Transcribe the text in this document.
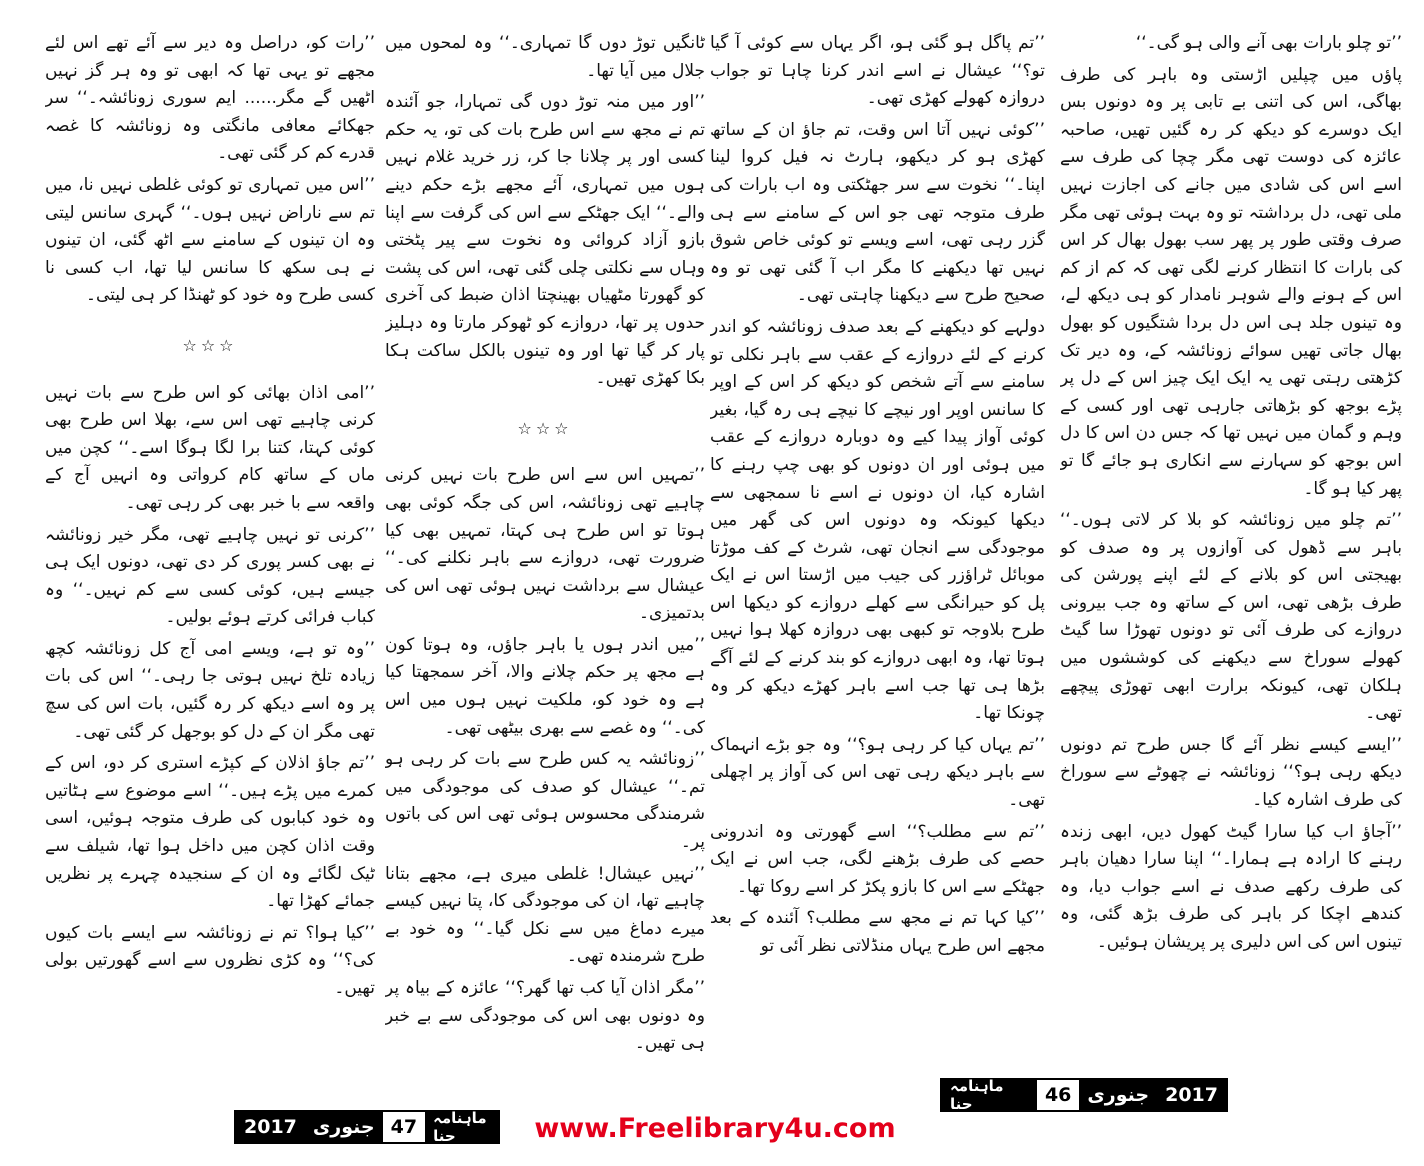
’’تو چلو بارات بھی آنے والی ہو گی۔‘‘

پاؤں میں چپلیں اڑستی وہ باہر کی طرف بھاگی، اس کی اتنی بے تابی پر وہ دونوں بس ایک دوسرے کو دیکھ کر رہ گئیں تھیں، صاحبہ عائزہ کی دوست تھی مگر چچا کی طرف سے اسے اس کی شادی میں جانے کی اجازت نہیں ملی تھی، دل برداشتہ تو وہ بہت ہوئی تھی مگر صرف وقتی طور پر پھر سب بھول بھال کر اس کی بارات کا انتظار کرنے لگی تھی کہ کم از کم اس کے ہونے والے شوہر نامدار کو ہی دیکھ لے، وہ تینوں جلد ہی اس دل بردا شتگیوں کو بھول بھال جاتی تھیں سوائے زونائشہ کے، وہ دیر تک کڑھتی رہتی تھی یہ ایک ایک چیز اس کے دل پر پڑے بوجھ کو بڑھاتی جارہی تھی اور کسی کے وہم و گمان میں نہیں تھا کہ جس دن اس کا دل اس بوجھ کو سہارنے سے انکاری ہو جائے گا تو پھر کیا ہو گا۔

’’تم چلو میں زونائشہ کو بلا کر لاتی ہوں۔‘‘ باہر سے ڈھول کی آوازوں پر وہ صدف کو بھیجتی اس کو بلانے کے لئے اپنے پورشن کی طرف بڑھی تھی، اس کے ساتھ وہ جب بیرونی دروازے کی طرف آئی تو دونوں تھوڑا سا گیٹ کھولے سوراخ سے دیکھنے کی کوششوں میں ہلکان تھی، کیونکہ برارت ابھی تھوڑی پیچھے تھی۔

’’ایسے کیسے نظر آئے گا جس طرح تم دونوں دیکھ رہی ہو؟‘‘ زونائشہ نے چھوٹے سے سوراخ کی طرف اشارہ کیا۔

’’آجاؤ اب کیا سارا گیٹ کھول دیں، ابھی زندہ رہنے کا ارادہ ہے ہمارا۔‘‘ اپنا سارا دھیان باہر کی طرف رکھے صدف نے اسے جواب دیا، وہ کندھے اچکا کر باہر کی طرف بڑھ گئی، وہ تینوں اس کی اس دلیری پر پریشان ہوئیں۔

’’تم پاگل ہو گئی ہو، اگر یہاں سے کوئی آ گیا تو؟‘‘ عیشال نے اسے اندر کرنا چاہا تو جواب دروازہ کھولے کھڑی تھی۔

’’کوئی نہیں آتا اس وقت، تم جاؤ ان کے ساتھ کھڑی ہو کر دیکھو، ہارٹ نہ فیل کروا لینا اپنا۔‘‘ نخوت سے سر جھٹکتی وہ اب بارات کی طرف متوجہ تھی جو اس کے سامنے سے ہی گزر رہی تھی، اسے ویسے تو کوئی خاص شوق نہیں تھا دیکھنے کا مگر اب آ گئی تھی تو وہ صحیح طرح سے دیکھنا چاہتی تھی۔

دولہے کو دیکھنے کے بعد صدف زونائشہ کو اندر کرنے کے لئے دروازے کے عقب سے باہر نکلی تو سامنے سے آتے شخص کو دیکھ کر اس کے اوپر کا سانس اوپر اور نیچے کا نیچے ہی رہ گیا، بغیر کوئی آواز پیدا کیے وہ دوبارہ دروازے کے عقب میں ہوئی اور ان دونوں کو بھی چپ رہنے کا اشارہ کیا، ان دونوں نے اسے نا سمجھی سے دیکھا کیونکہ وہ دونوں اس کی گھر میں موجودگی سے انجان تھی، شرٹ کے کف موڑتا موبائل ٹراؤزر کی جیب میں اڑستا اس نے ایک پل کو حیرانگی سے کھلے دروازے کو دیکھا اس طرح بلاوجہ تو کبھی بھی دروازہ کھلا ہوا نہیں ہوتا تھا، وہ ابھی دروازے کو بند کرنے کے لئے آگے بڑھا ہی تھا جب اسے باہر کھڑے دیکھ کر وہ چونکا تھا۔

’’تم یہاں کیا کر رہی ہو؟‘‘ وہ جو بڑے انہماک سے باہر دیکھ رہی تھی اس کی آواز پر اچھلی تھی۔

’’تم سے مطلب؟‘‘ اسے گھورتی وہ اندرونی حصے کی طرف بڑھنے لگی، جب اس نے ایک جھٹکے سے اس کا بازو پکڑ کر اسے روکا تھا۔

’’کیا کہا تم نے مجھ سے مطلب؟ آئندہ کے بعد مجھے اس طرح یہاں منڈلاتی نظر آئی تو

ٹانگیں توڑ دوں گا تمہاری۔‘‘ وہ لمحوں میں جلال میں آیا تھا۔

’’اور میں منہ توڑ دوں گی تمہارا، جو آئندہ تم نے مجھ سے اس طرح بات کی تو، یہ حکم کسی اور پر چلانا جا کر، زر خرید غلام نہیں ہوں میں تمہاری، آئے مجھے بڑے حکم دینے والے۔‘‘ ایک جھٹکے سے اس کی گرفت سے اپنا بازو آزاد کروائی وہ نخوت سے پیر پٹختی وہاں سے نکلتی چلی گئی تھی، اس کی پشت کو گھورتا مٹھیاں بھینچتا اذان ضبط کی آخری حدوں پر تھا، دروازے کو ٹھوکر مارتا وہ دہلیز پار کر گیا تھا اور وہ تینوں بالکل ساکت ہکا بکا کھڑی تھیں۔

☆☆☆

’’تمہیں اس سے اس طرح بات نہیں کرنی چاہیے تھی زونائشہ، اس کی جگہ کوئی بھی ہوتا تو اس طرح ہی کہتا، تمہیں بھی کیا ضرورت تھی، دروازے سے باہر نکلنے کی۔‘‘ عیشال سے برداشت نہیں ہوئی تھی اس کی بدتمیزی۔

’’میں اندر ہوں یا باہر جاؤں، وہ ہوتا کون ہے مجھ پر حکم چلانے والا، آخر سمجھتا کیا ہے وہ خود کو، ملکیت نہیں ہوں میں اس کی۔‘‘ وہ غصے سے بھری بیٹھی تھی۔

’’زونائشہ یہ کس طرح سے بات کر رہی ہو تم۔‘‘ عیشال کو صدف کی موجودگی میں شرمندگی محسوس ہوئی تھی اس کی باتوں پر۔

’’نہیں عیشال! غلطی میری ہے، مجھے بتانا چاہیے تھا، ان کی موجودگی کا، پتا نہیں کیسے میرے دماغ میں سے نکل گیا۔‘‘ وہ خود بے طرح شرمندہ تھی۔

’’مگر اذان آیا کب تھا گھر؟‘‘ عائزہ کے بیاہ پر وہ دونوں بھی اس کی موجودگی سے بے خبر ہی تھیں۔

’’رات کو، دراصل وہ دیر سے آئے تھے اس لئے مجھے تو یہی تھا کہ ابھی تو وہ ہر گز نہیں اٹھیں گے مگر...... ایم سوری زونائشہ۔‘‘ سر جھکائے معافی مانگتی وہ زونائشہ کا غصہ قدرے کم کر گئی تھی۔

’’اس میں تمہاری تو کوئی غلطی نہیں نا، میں تم سے ناراض نہیں ہوں۔‘‘ گہری سانس لیتی وہ ان تینوں کے سامنے سے اٹھ گئی، ان تینوں نے ہی سکھ کا سانس لیا تھا، اب کسی نا کسی طرح وہ خود کو ٹھنڈا کر ہی لیتی۔

☆☆☆

’’امی اذان بھائی کو اس طرح سے بات نہیں کرنی چاہیے تھی اس سے، بھلا اس طرح بھی کوئی کہتا، کتنا برا لگا ہوگا اسے۔‘‘ کچن میں ماں کے ساتھ کام کرواتی وہ انہیں آج کے واقعہ سے با خبر بھی کر رہی تھی۔

’’کرنی تو نہیں چاہیے تھی، مگر خیر زونائشہ نے بھی کسر پوری کر دی تھی، دونوں ایک ہی جیسے ہیں، کوئی کسی سے کم نہیں۔‘‘ وہ کباب فرائی کرتے ہوئے بولیں۔

’’وہ تو ہے، ویسے امی آج کل زونائشہ کچھ زیادہ تلخ نہیں ہوتی جا رہی۔‘‘ اس کی بات پر وہ اسے دیکھ کر رہ گئیں، بات اس کی سچ تھی مگر ان کے دل کو بوجھل کر گئی تھی۔

’’تم جاؤ اذلان کے کپڑے استری کر دو، اس کے کمرے میں پڑے ہیں۔‘‘ اسے موضوع سے ہٹاتیں وہ خود کبابوں کی طرف متوجہ ہوئیں، اسی وقت اذان کچن میں داخل ہوا تھا، شیلف سے ٹیک لگائے وہ ان کے سنجیدہ چہرے پر نظریں جمائے کھڑا تھا۔

’’کیا ہوا؟ تم نے زونائشہ سے ایسے بات کیوں کی؟‘‘ وہ کڑی نظروں سے اسے گھورتیں بولی تھیں۔

ماہنامہ حنا	46 جنوری 2017
2017 جنوری 47	ماہنامہ حنا	www.Freelibrary4u.com
